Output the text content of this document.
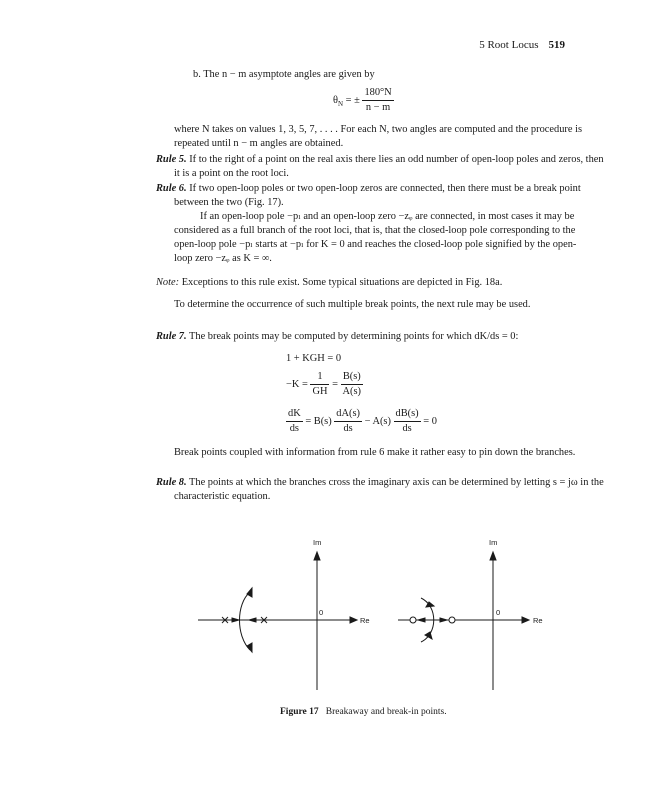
5 Root Locus 519
b. The n − m asymptote angles are given by
$\theta_N$ = ± $\frac{180^\circ N}{n - m}$
where N takes on values 1, 3, 5, 7, . . . . For each N, two angles are computed and the procedure is repeated until n − m angles are obtained.
Rule 5. If to the right of a point on the real axis there lies an odd number of open-loop poles and zeros, then it is a point on the root loci.
Rule 6. If two open-loop poles or two open-loop zeros are connected, then there must be a break point between the two (Fig. 17).
If an open-loop pole −pₗ and an open-loop zero −zᵩ are connected, in most cases it may be considered as a full branch of the root loci, that is, that the closed-loop pole corresponding to the open-loop pole −pₗ starts at −pₗ for K = 0 and reaches the closed-loop pole signified by the open-loop zero −zᵩ as K = ∞.
Note: Exceptions to this rule exist. Some typical situations are depicted in Fig. 18a.
To determine the occurrence of such multiple break points, the next rule may be used.
Rule 7. The break points may be computed by determining points for which dK/ds = 0:
1 + KGH = 0
$-K = \frac{1}{GH} = \frac{B(s)}{A(s)}$
$\frac{dK}{ds} = B(s) \frac{dA(s)}{ds} - A(s) \frac{dB(s)}{ds} = 0$
Break points coupled with information from rule 6 make it rather easy to pin down the branches.
Rule 8. The points at which the branches cross the imaginary axis can be determined by letting s = jω in the characteristic equation.
Im
Re
0
Im
Re
0
Figure 17 Breakaway and break-in points.
